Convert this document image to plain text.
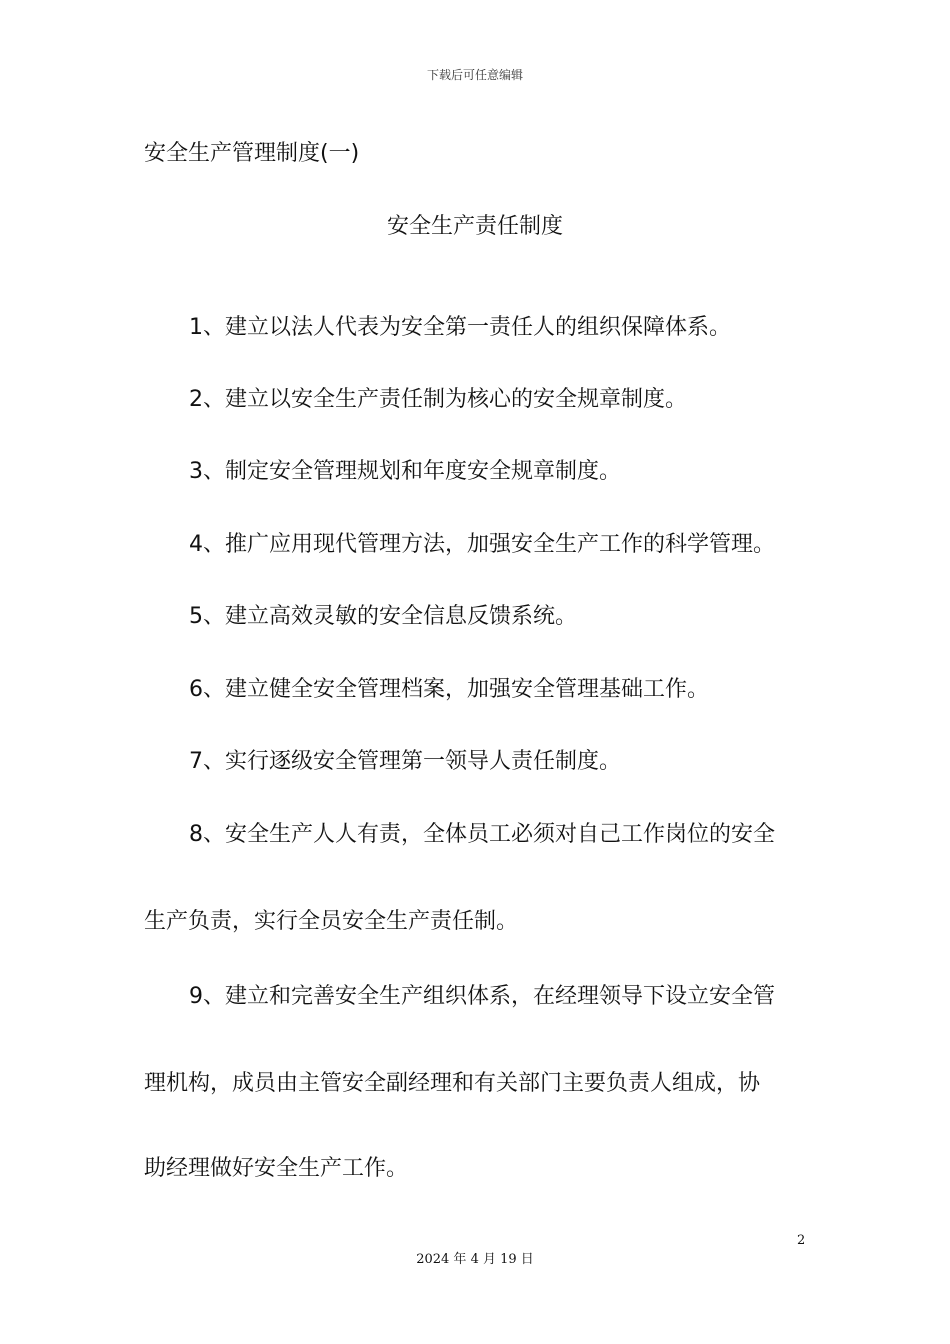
下载后可任意编辑
安全生产管理制度(一)
安全生产责任制度
1、建立以法人代表为安全第一责任人的组织保障体系。
2、建立以安全生产责任制为核心的安全规章制度。
3、制定安全管理规划和年度安全规章制度。
4、推广应用现代管理方法，加强安全生产工作的科学管理。
5、建立高效灵敏的安全信息反馈系统。
6、建立健全安全管理档案，加强安全管理基础工作。
7、实行逐级安全管理第一领导人责任制度。
8、安全生产人人有责，全体员工必须对自己工作岗位的安全
生产负责，实行全员安全生产责任制。
9、建立和完善安全生产组织体系，在经理领导下设立安全管
理机构，成员由主管安全副经理和有关部门主要负责人组成，协
助经理做好安全生产工作。
2
2024 年 4 月 19 日
